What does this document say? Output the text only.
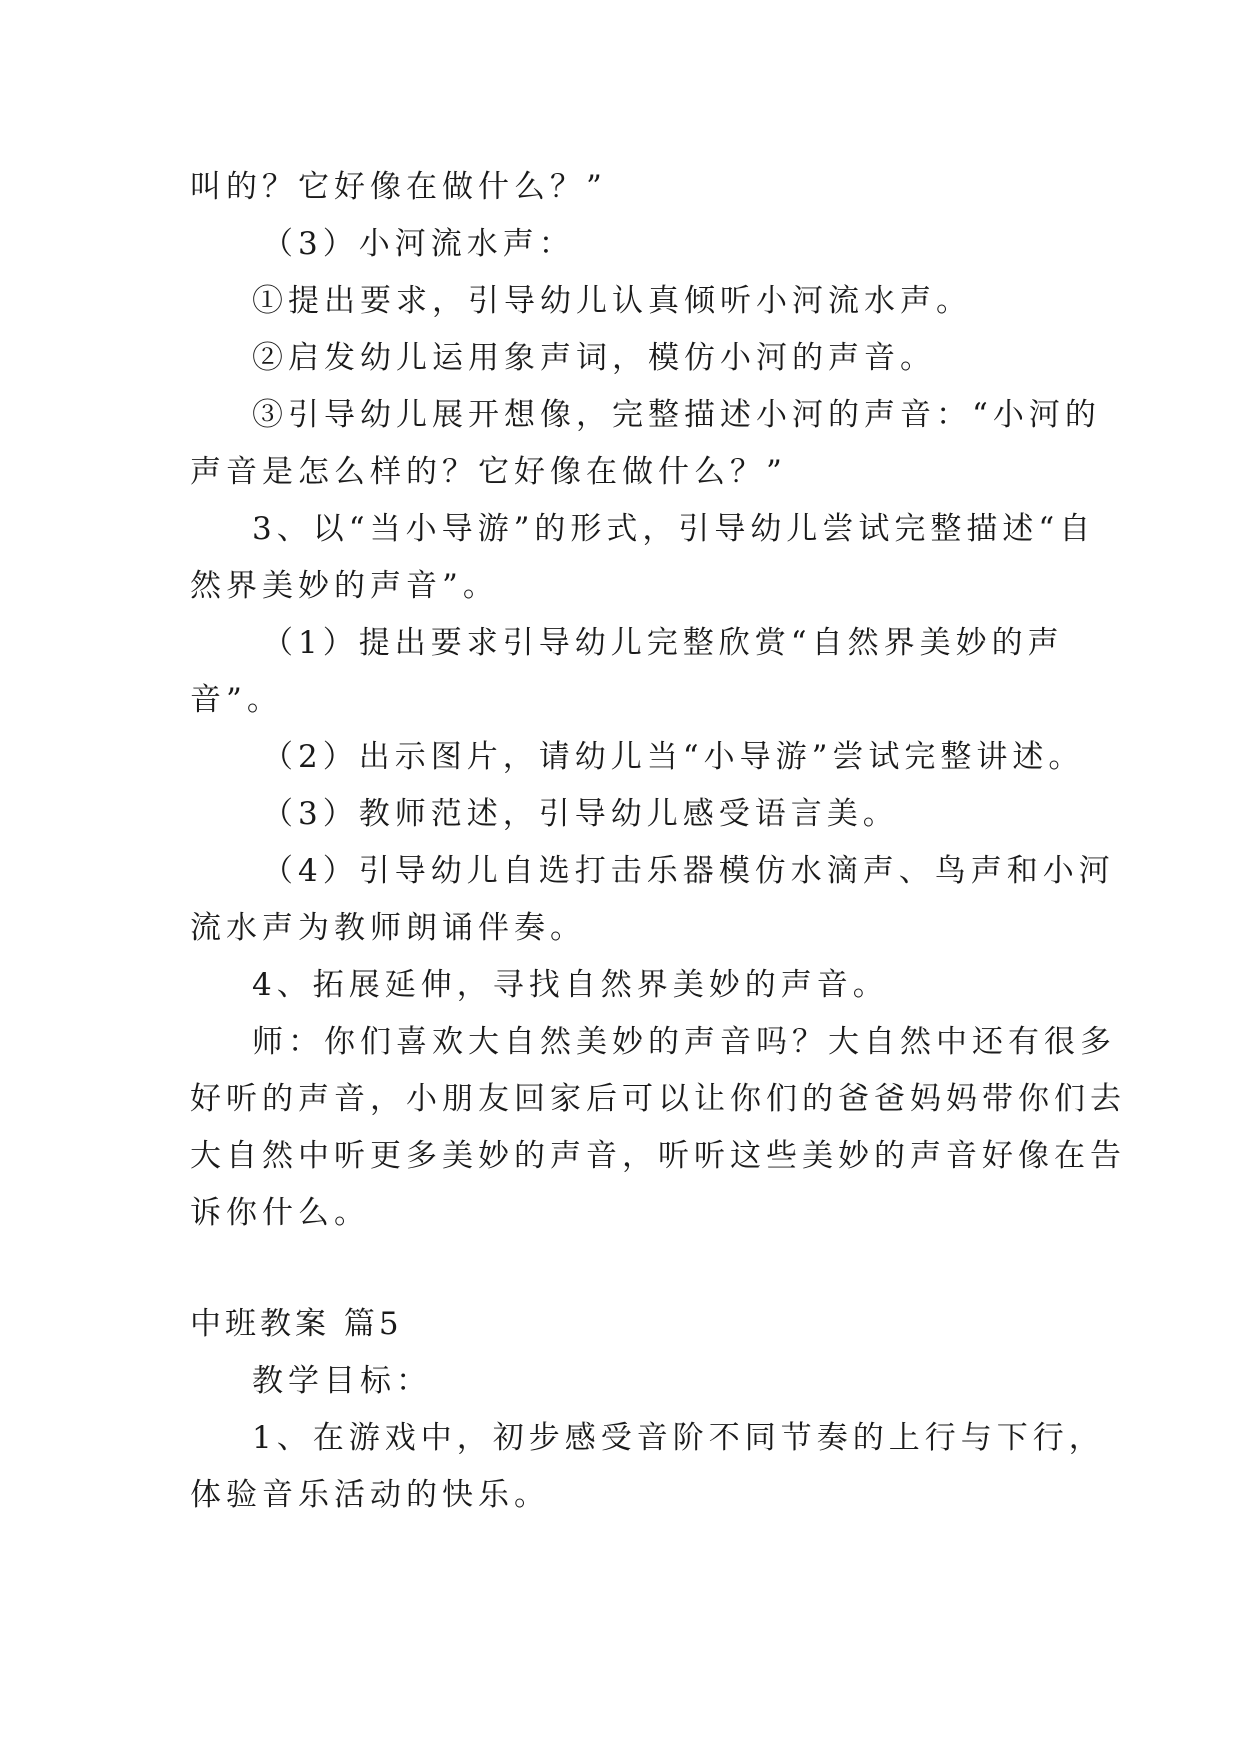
叫的？它好像在做什么？”

（3）小河流水声：

①提出要求，引导幼儿认真倾听小河流水声。

②启发幼儿运用象声词，模仿小河的声音。

③引导幼儿展开想像，完整描述小河的声音：“小河的

声音是怎么样的？它好像在做什么？”

3、以“当小导游”的形式，引导幼儿尝试完整描述“自

然界美妙的声音”。

（1）提出要求引导幼儿完整欣赏“自然界美妙的声

音”。

（2）出示图片，请幼儿当“小导游”尝试完整讲述。

（3）教师范述，引导幼儿感受语言美。

（4）引导幼儿自选打击乐器模仿水滴声、鸟声和小河

流水声为教师朗诵伴奏。

4、拓展延伸，寻找自然界美妙的声音。

师：你们喜欢大自然美妙的声音吗？大自然中还有很多

好听的声音，小朋友回家后可以让你们的爸爸妈妈带你们去

大自然中听更多美妙的声音，听听这些美妙的声音好像在告

诉你什么。

中班教案 篇5

教学目标：

1、在游戏中，初步感受音阶不同节奏的上行与下行，

体验音乐活动的快乐。
